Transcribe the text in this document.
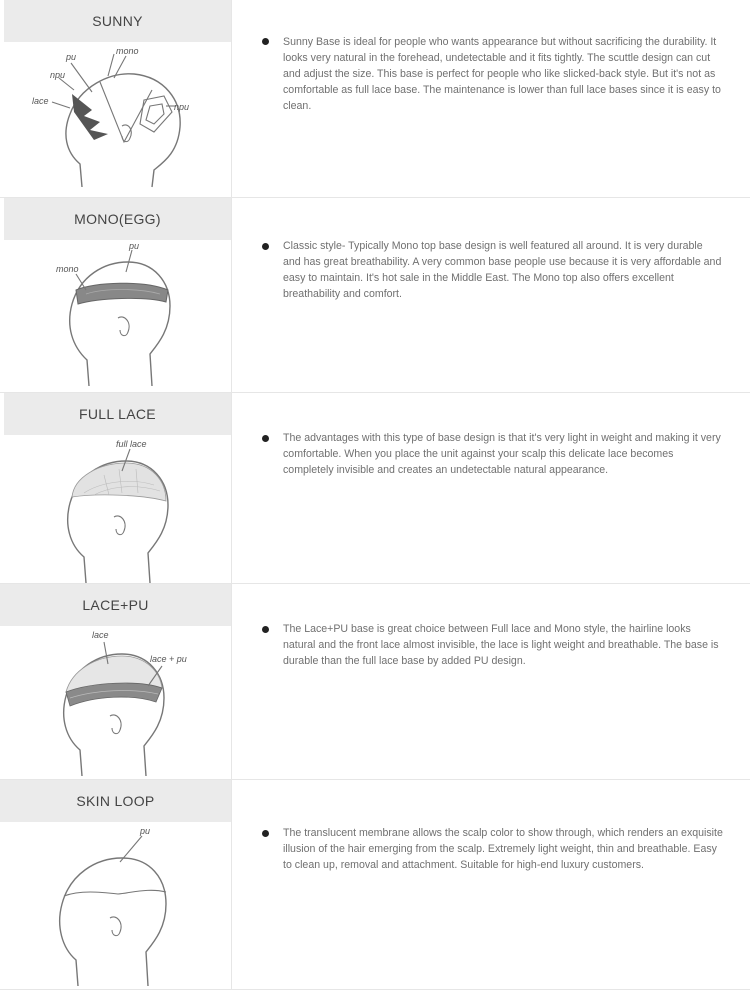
SUNNY
pu
mono
npu
lace
npu
Sunny Base is ideal for people who wants appearance but without sacrificing the durability. It looks very natural in the forehead, undetectable and it fits tightly. The scuttle design can cut and adjust the size. This base is perfect for people who like slicked-back style. But it's not as comfortable as full lace base. The maintenance is lower than full lace bases since it is easy to clean.
MONO(EGG)
pu
mono
Classic style- Typically Mono top base design is well featured all around. It is very durable and has great breathability. A very common base people use because it is very affordable and easy to maintain. It's hot sale in the Middle East. The Mono top also offers excellent breathability and comfort.
FULL LACE
full lace	The advantages with this type of base design is that it's very light in weight and making it very comfortable. When you place the unit against your scalp this delicate lace becomes completely invisible and creates an undetectable natural appearance.
LACE+PU
lace
lace + pu
The Lace+PU base is great choice between Full lace and Mono style, the hairline looks natural and the front lace almost invisible, the lace is light weight and breathable. The base is durable than the full lace base by added PU design.
SKIN LOOP
pu	The translucent membrane allows the scalp color to show through, which renders an exquisite illusion of the hair emerging from the scalp. Extremely light weight, thin and breathable. Easy to clean up, removal and attachment. Suitable for high-end luxury customers.
